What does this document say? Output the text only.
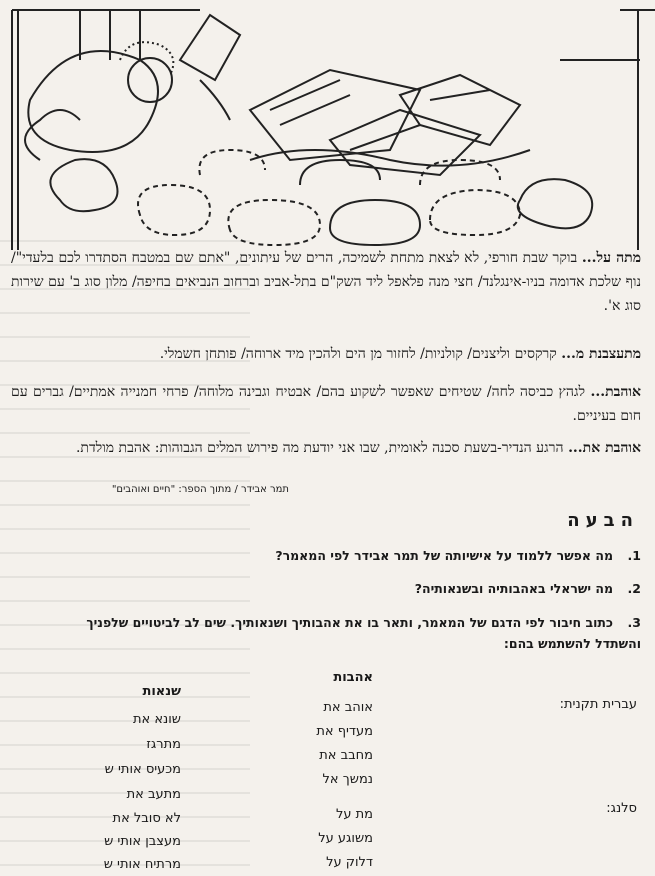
מתה על... בוקר שבת חורפי, לא לצאת מתחת לשמיכה, הרים של עיתונים, "אתם שם במטבח הסתדרו לכם בלעדי"/ נוף שלכת אדומה בניו-אינגלנד/ חצי מנה פלאפל ליד השק"ם בתל-אביב וברחוב הנביאים בחיפה/ מלון סוג ב' עם שירות סוג א'.
מתעצבנת מ... קרקסים וליצנים/ קולניות/ לחזור מן הים ולהכין מיד ארוחה/ פותחן חשמלי.
אוהבת... לגהץ כביסה לחה/ שטיחים שאפשר לשקוע בהם/ אבטיח וגבינה מלוחה/ פרחי חמנייה אמתיים/ גברים עם חום בעיניים.
אוהבת את... הרגע הנדיר-בשעת סכנה לאומית, שבו אני יודעת מה פירוש המלים הגבוהות: אהבת מולדת.
תמר אבידר / מתוך הספר: "חיים ואוהבים"
הבעה
1.מה אפשר ללמוד על אישיותה של תמר אבידר לפי המאמר?
2.מה ישראלי באהבותיה ובשנאותיה?
3.כתוב חיבור לפי הדגם של המאמר, ותאר בו את אהבותיך ושנאותיך. שים לב לביטויים שלפניך
והשתדל להשתמש בהם:
אהבות
שנאות
עברית תקנית:
סלנג:
אוהב את
מעדיף את
מחבב את
נמשך אל
שונא את
מתרגז
מכעיס אותי ש
מתעב את
מת על
משוגע על
דלוק על
לא סובל את
מעצבן אותי ש
מרתיח אותי ש
